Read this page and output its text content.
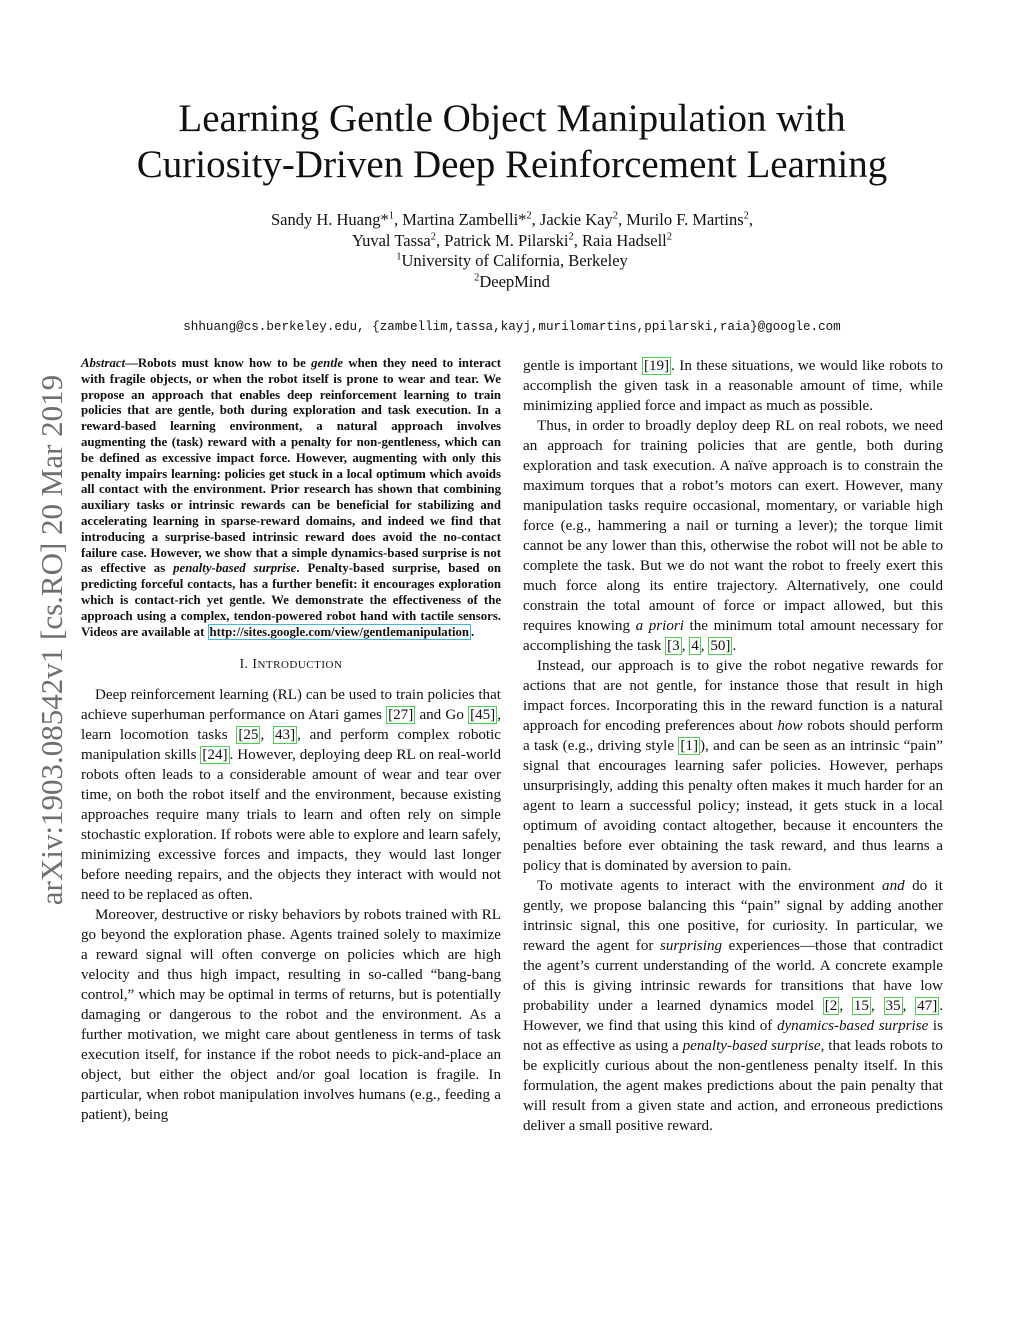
arXiv:1903.08542v1 [cs.RO] 20 Mar 2019
Learning Gentle Object Manipulation with
Curiosity-Driven Deep Reinforcement Learning
Sandy H. Huang*$^1$, Martina Zambelli*$^2$, Jackie Kay$^2$, Murilo F. Martins$^2$,
Yuval Tassa$^2$, Patrick M. Pilarski$^2$, Raia Hadsell$^2$
$^1$University of California, Berkeley
$^2$DeepMind
shhuang@cs.berkeley.edu, {zambellim,tassa,kayj,murilomartins,ppilarski,raia}@google.com

Abstract—Robots must know how to be gentle when they need to interact with fragile objects, or when the robot itself is prone to wear and tear. We propose an approach that enables deep reinforcement learning to train policies that are gentle, both during exploration and task execution. In a reward-based learning environment, a natural approach involves augmenting the (task) reward with a penalty for non-gentleness, which can be defined as excessive impact force. However, augmenting with only this penalty impairs learning: policies get stuck in a local optimum which avoids all contact with the environment. Prior research has shown that combining auxiliary tasks or intrinsic rewards can be beneficial for stabilizing and accelerating learning in sparse-reward domains, and indeed we find that introducing a surprise-based intrinsic reward does avoid the no-contact failure case. However, we show that a simple dynamics-based surprise is not as effective as penalty-based surprise. Penalty-based surprise, based on predicting forceful contacts, has a further benefit: it encourages exploration which is contact-rich yet gentle. We demonstrate the effectiveness of the approach using a complex, tendon-powered robot hand with tactile sensors. Videos are available at http://sites.google.com/view/gentlemanipulation .

I. INTRODUCTION

Deep reinforcement learning (RL) can be used to train policies that achieve superhuman performance on Atari games [27] and Go [45] , learn locomotion tasks [25 , 43] , and perform complex robotic manipulation skills [24] . However, deploying deep RL on real-world robots often leads to a considerable amount of wear and tear over time, on both the robot itself and the environment, because existing approaches require many trials to learn and often rely on simple stochastic exploration. If robots were able to explore and learn safely, minimizing excessive forces and impacts, they would last longer before needing repairs, and the objects they interact with would not need to be replaced as often.

Moreover, destructive or risky behaviors by robots trained with RL go beyond the exploration phase. Agents trained solely to maximize a reward signal will often converge on policies which are high velocity and thus high impact, resulting in so-called “bang-bang control,” which may be optimal in terms of returns, but is potentially damaging or dangerous to the robot and the environment. As a further motivation, we might care about gentleness in terms of task execution itself, for instance if the robot needs to pick-and-place an object, but either the object and/or goal location is fragile. In particular, when robot manipulation involves humans (e.g., feeding a patient), being

gentle is important [19] . In these situations, we would like robots to accomplish the given task in a reasonable amount of time, while minimizing applied force and impact as much as possible.

Thus, in order to broadly deploy deep RL on real robots, we need an approach for training policies that are gentle, both during exploration and task execution. A naïve approach is to constrain the maximum torques that a robot’s motors can exert. However, many manipulation tasks require occasional, momentary, or variable high force (e.g., hammering a nail or turning a lever); the torque limit cannot be any lower than this, otherwise the robot will not be able to complete the task. But we do not want the robot to freely exert this much force along its entire trajectory. Alternatively, one could constrain the total amount of force or impact allowed, but this requires knowing a priori the minimum total amount necessary for accomplishing the task [3 , 4 , 50] .

Instead, our approach is to give the robot negative rewards for actions that are not gentle, for instance those that result in high impact forces. Incorporating this in the reward function is a natural approach for encoding preferences about how robots should perform a task (e.g., driving style [1] ), and can be seen as an intrinsic “pain” signal that encourages learning safer policies. However, perhaps unsurprisingly, adding this penalty often makes it much harder for an agent to learn a successful policy; instead, it gets stuck in a local optimum of avoiding contact altogether, because it encounters the penalties before ever obtaining the task reward, and thus learns a policy that is dominated by aversion to pain.

To motivate agents to interact with the environment and do it gently, we propose balancing this “pain” signal by adding another intrinsic signal, this one positive, for curiosity. In particular, we reward the agent for surprising experiences—those that contradict the agent’s current understanding of the world. A concrete example of this is giving intrinsic rewards for transitions that have low probability under a learned dynamics model [2 , 15 , 35 , 47] . However, we find that using this kind of dynamics-based surprise is not as effective as using a penalty-based surprise, that leads robots to be explicitly curious about the non-gentleness penalty itself. In this formulation, the agent makes predictions about the pain penalty that will result from a given state and action, and erroneous predictions deliver a small positive reward.
